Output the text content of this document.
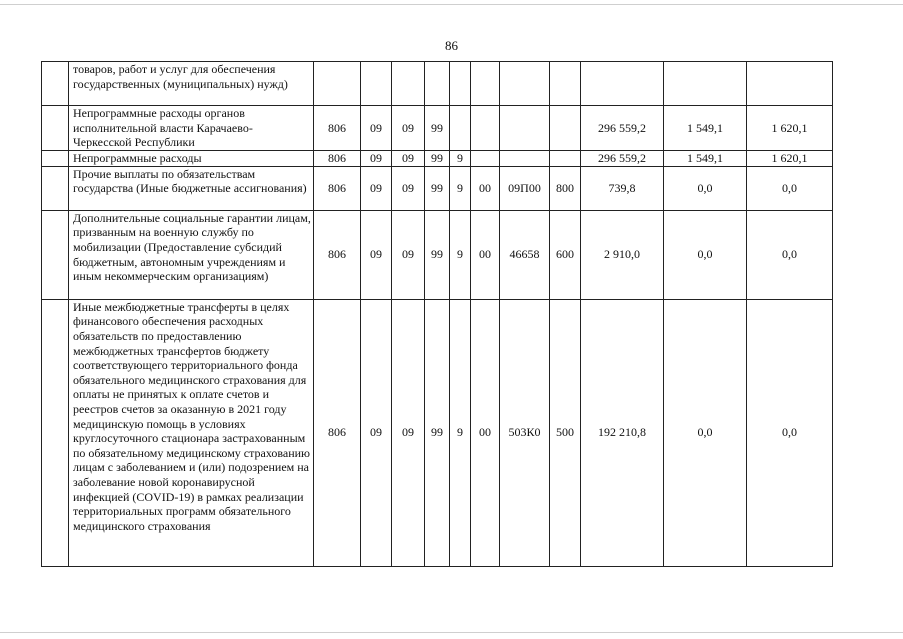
86
	товаров, работ и услуг для обеспечения государственных (муниципальных) нужд)											
	Непрограммные расходы органов исполнительной власти Карачаево-Черкесской Республики	806	09	09	99					296 559,2	1 549,1	1 620,1
	Непрограммные расходы	806	09	09	99	9				296 559,2	1 549,1	1 620,1
	Прочие выплаты по обязательствам государства (Иные бюджетные ассигнования)	806	09	09	99	9	00	09П00	800	739,8	0,0	0,0
	Дополнительные социальные гарантии лицам, призванным на военную службу по мобилизации (Предоставление субсидий бюджетным, автономным учреждениям и иным некоммерческим организациям)	806	09	09	99	9	00	46658	600	2 910,0	0,0	0,0
	Иные межбюджетные трансферты в целях финансового обеспечения расходных обязательств по предоставлению межбюджетных трансфертов бюджету соответствующего территориального фонда обязательного медицинского страхования для оплаты не принятых к оплате счетов и реестров счетов за оказанную в 2021 году медицинскую помощь в условиях круглосуточного стационара застрахованным по обязательному медицинскому страхованию лицам с заболеванием и (или) подозрением на заболевание новой коронавирусной инфекцией (COVID-19) в рамках реализации территориальных программ обязательного медицинского страхования	806	09	09	99	9	00	503К0	500	192 210,8	0,0	0,0
